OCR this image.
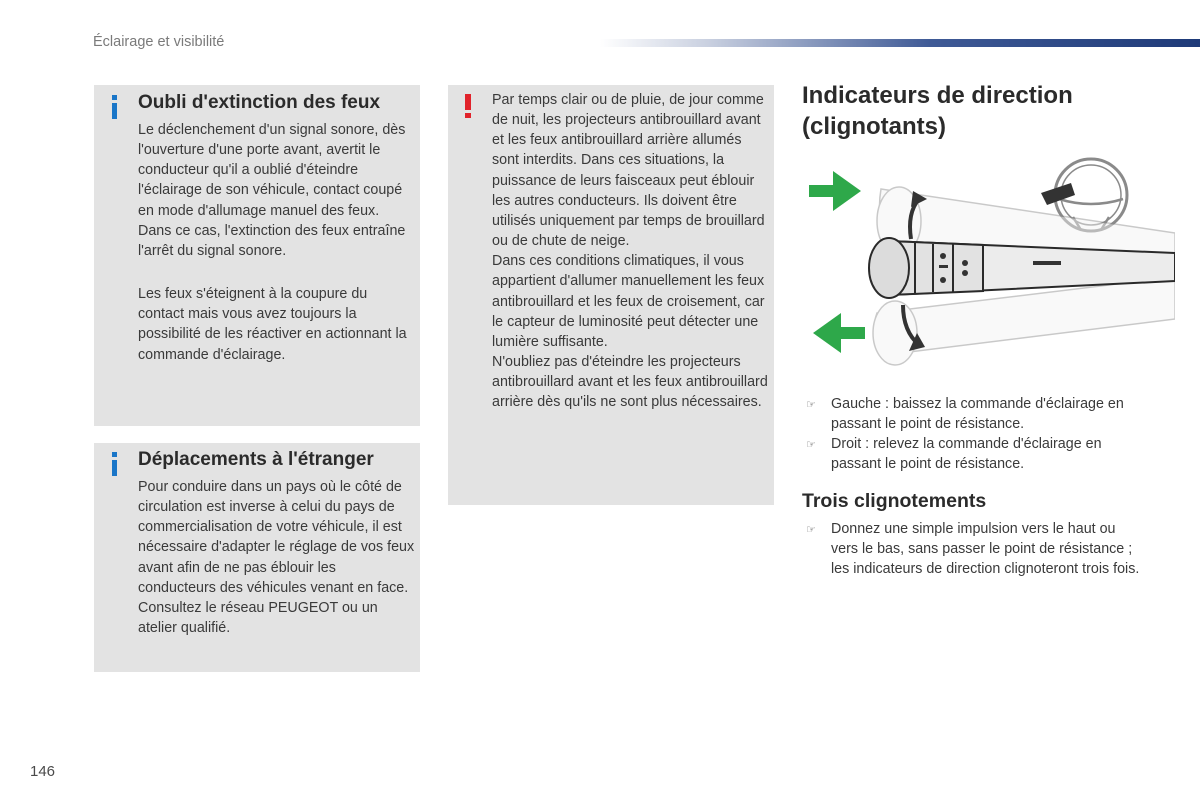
Éclairage et visibilité
Oubli d'extinction des feux

Le déclenchement d'un signal sonore, dès l'ouverture d'une porte avant, avertit le conducteur qu'il a oublié d'éteindre l'éclairage de son véhicule, contact coupé en mode d'allumage manuel des feux.

Dans ce cas, l'extinction des feux entraîne l'arrêt du signal sonore.

Les feux s'éteignent à la coupure du contact mais vous avez toujours la possibilité de les réactiver en actionnant la commande d'éclairage.

Déplacements à l'étranger

Pour conduire dans un pays où le côté de circulation est inverse à celui du pays de commercialisation de votre véhicule, il est nécessaire d'adapter le réglage de vos feux avant afin de ne pas éblouir les conducteurs des véhicules venant en face.

Consultez le réseau PEUGEOT ou un atelier qualifié.

Par temps clair ou de pluie, de jour comme de nuit, les projecteurs antibrouillard avant et les feux antibrouillard arrière allumés sont interdits. Dans ces situations, la puissance de leurs faisceaux peut éblouir les autres conducteurs. Ils doivent être utilisés uniquement par temps de brouillard ou de chute de neige.

Dans ces conditions climatiques, il vous appartient d'allumer manuellement les feux antibrouillard et les feux de croisement, car le capteur de luminosité peut détecter une lumière suffisante.

N'oubliez pas d'éteindre les projecteurs antibrouillard avant et les feux antibrouillard arrière dès qu'ils ne sont plus nécessaires.

Indicateurs de direction (clignotants)

☞ Gauche : baissez la commande d'éclairage en passant le point de résistance.

☞ Droit : relevez la commande d'éclairage en passant le point de résistance.

Trois clignotements

☞ Donnez une simple impulsion vers le haut ou vers le bas, sans passer le point de résistance ; les indicateurs de direction clignoteront trois fois.

146
